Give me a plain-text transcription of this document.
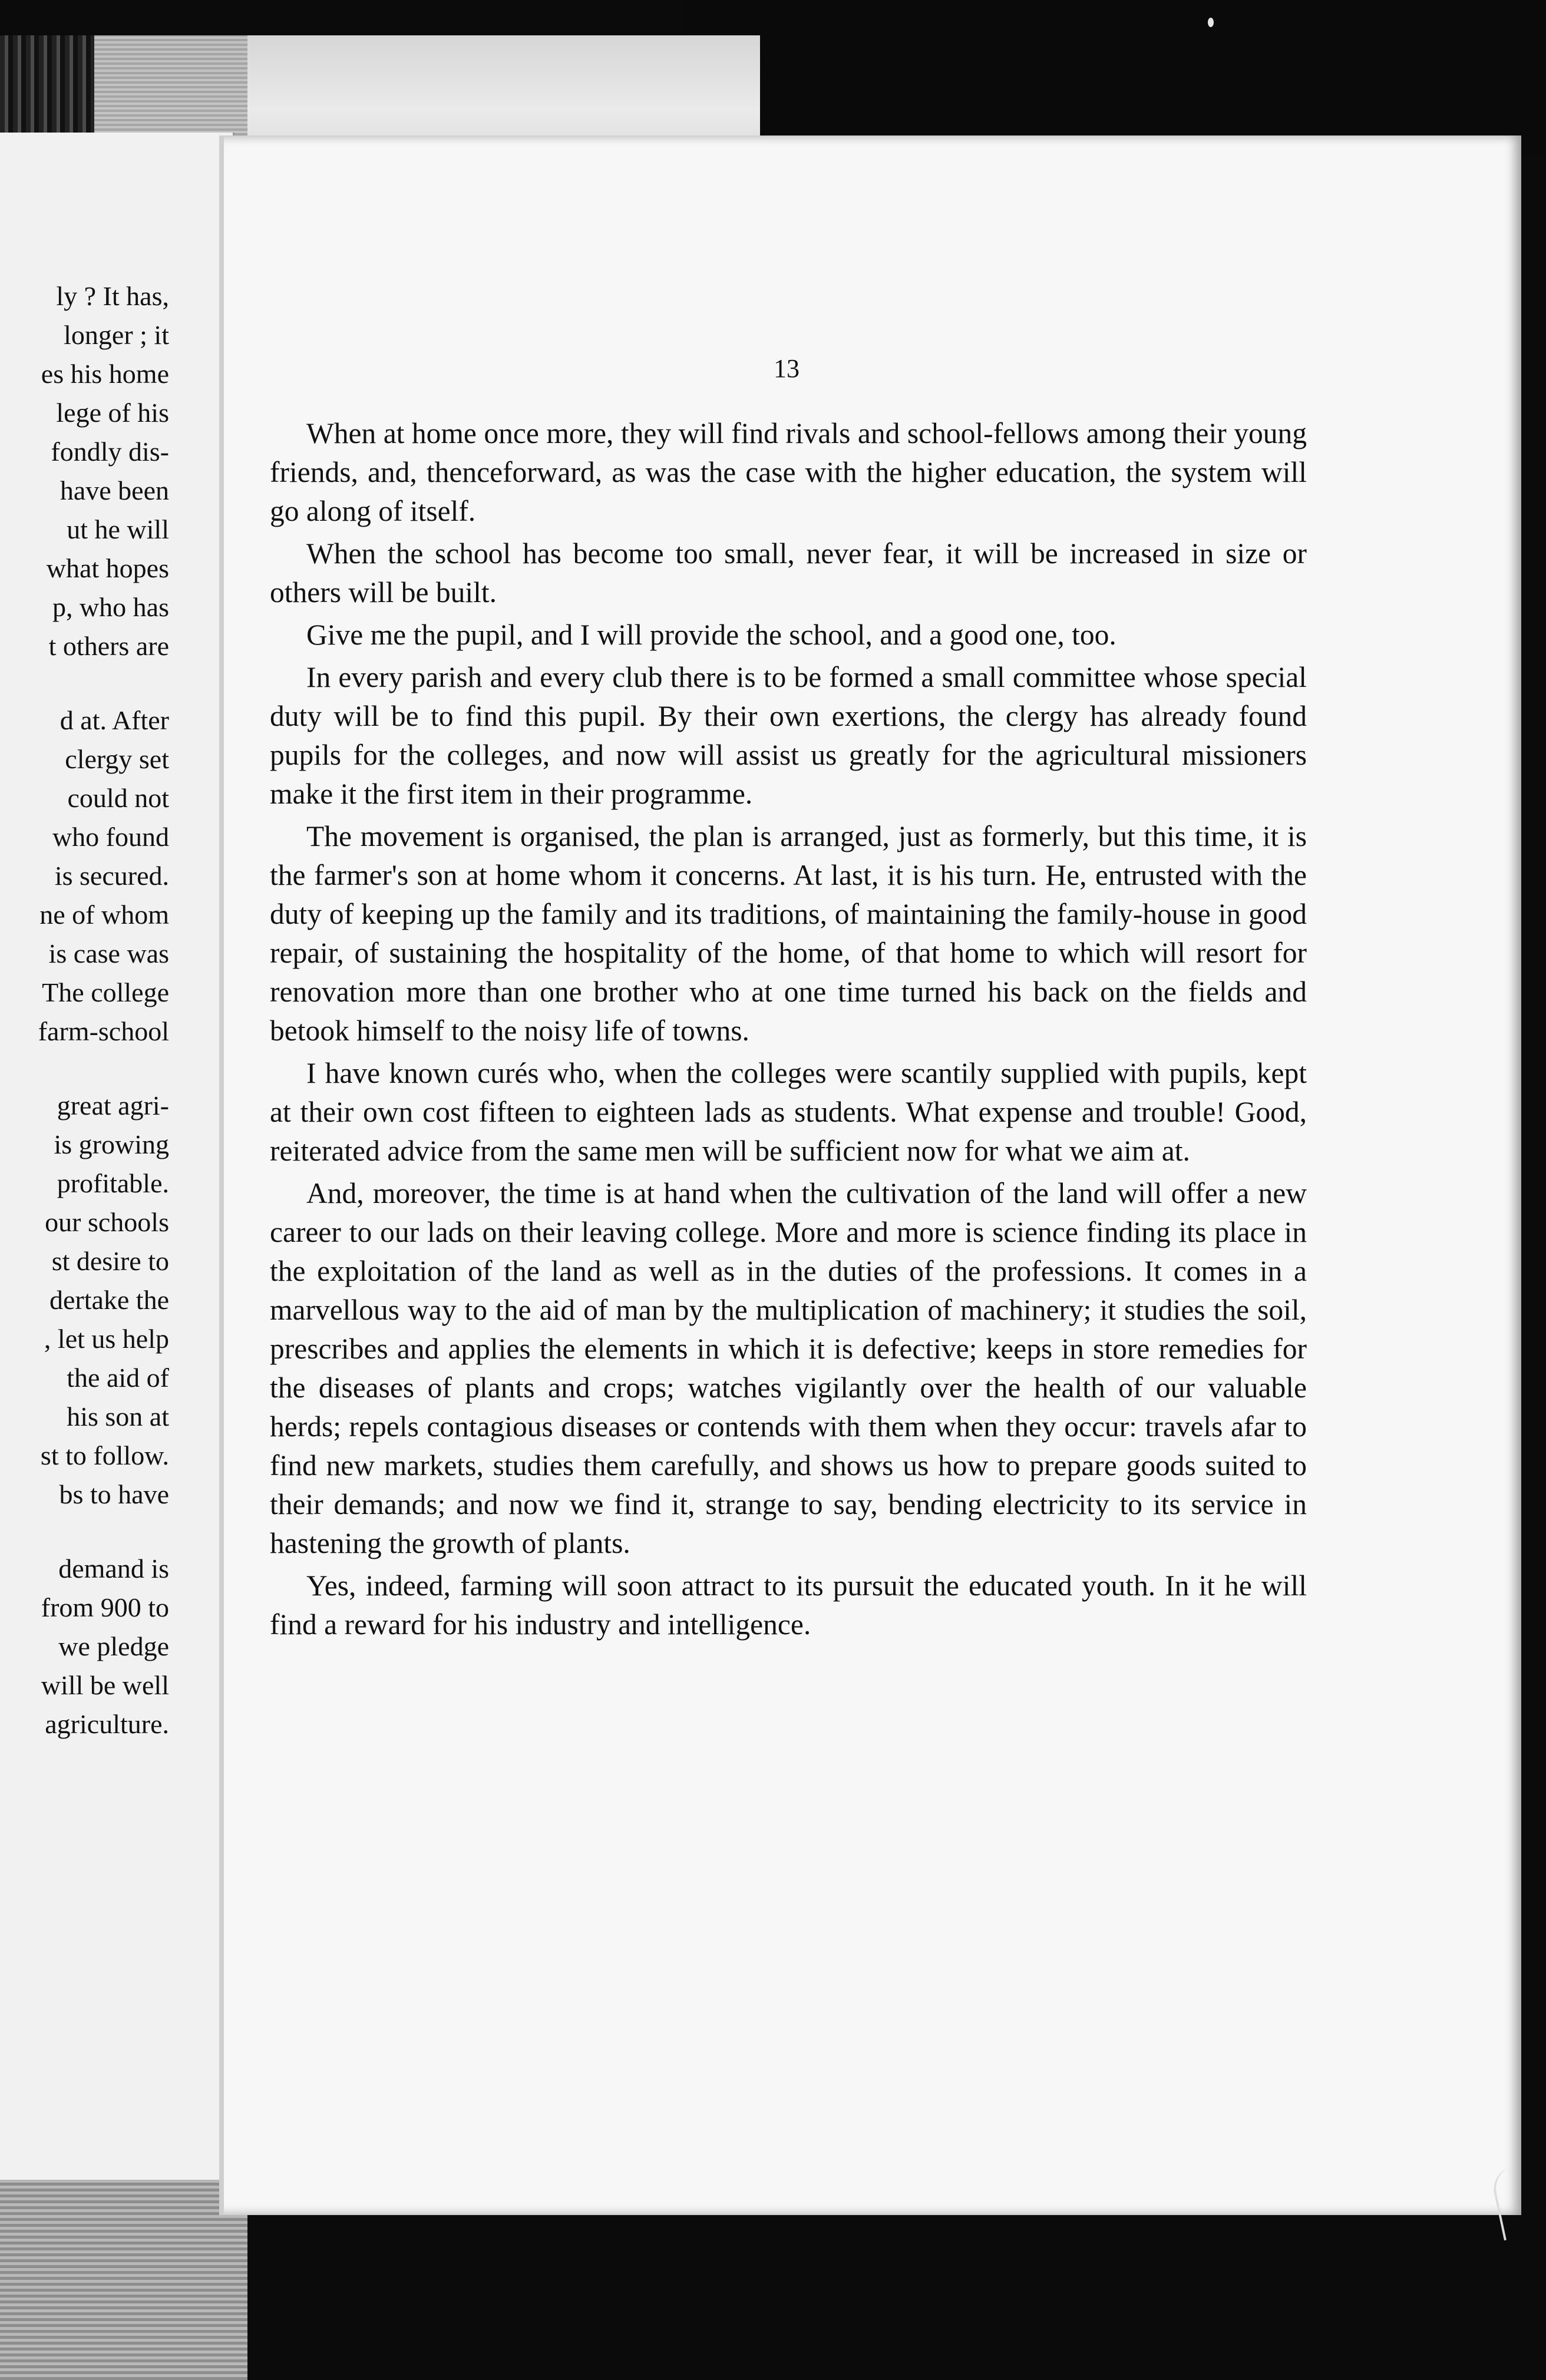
ly ? It has,
longer ; it
es his home
lege of his
fondly dis-
have been
ut he will
what hopes
p, who has
t others are
d at. After
clergy set
could not
who found
is secured.
ne of whom
is case was
The college
farm-school
great agri-
is growing
profitable.
our schools
st desire to
dertake the
, let us help
the aid of
his son at
st to follow.
bs to have
demand is
from 900 to
we pledge
will be well
agriculture.
13

When at home once more, they will find rivals and school-fellows among their young friends, and, thenceforward, as was the case with the higher education, the system will go along of itself.

When the school has become too small, never fear, it will be increased in size or others will be built.

Give me the pupil, and I will provide the school, and a good one, too.

In every parish and every club there is to be formed a small committee whose special duty will be to find this pupil. By their own exertions, the clergy has already found pupils for the colleges, and now will assist us greatly for the agricultural missioners make it the first item in their programme.

The movement is organised, the plan is arranged, just as formerly, but this time, it is the farmer's son at home whom it concerns. At last, it is his turn. He, entrusted with the duty of keeping up the family and its traditions, of maintaining the family-house in good repair, of sustaining the hospitality of the home, of that home to which will resort for renovation more than one brother who at one time turned his back on the fields and betook himself to the noisy life of towns.

I have known curés who, when the colleges were scantily supplied with pupils, kept at their own cost fifteen to eighteen lads as students. What expense and trouble! Good, reiterated advice from the same men will be sufficient now for what we aim at.

And, moreover, the time is at hand when the cultivation of the land will offer a new career to our lads on their leaving college. More and more is science finding its place in the exploitation of the land as well as in the duties of the professions. It comes in a marvellous way to the aid of man by the multiplication of machinery; it studies the soil, prescribes and applies the elements in which it is defective; keeps in store remedies for the diseases of plants and crops; watches vigilantly over the health of our valuable herds; repels contagious diseases or contends with them when they occur: travels afar to find new markets, studies them carefully, and shows us how to prepare goods suited to their demands; and now we find it, strange to say, bending electricity to its service in hastening the growth of plants.

Yes, indeed, farming will soon attract to its pursuit the educated youth. In it he will find a reward for his industry and intelligence.
